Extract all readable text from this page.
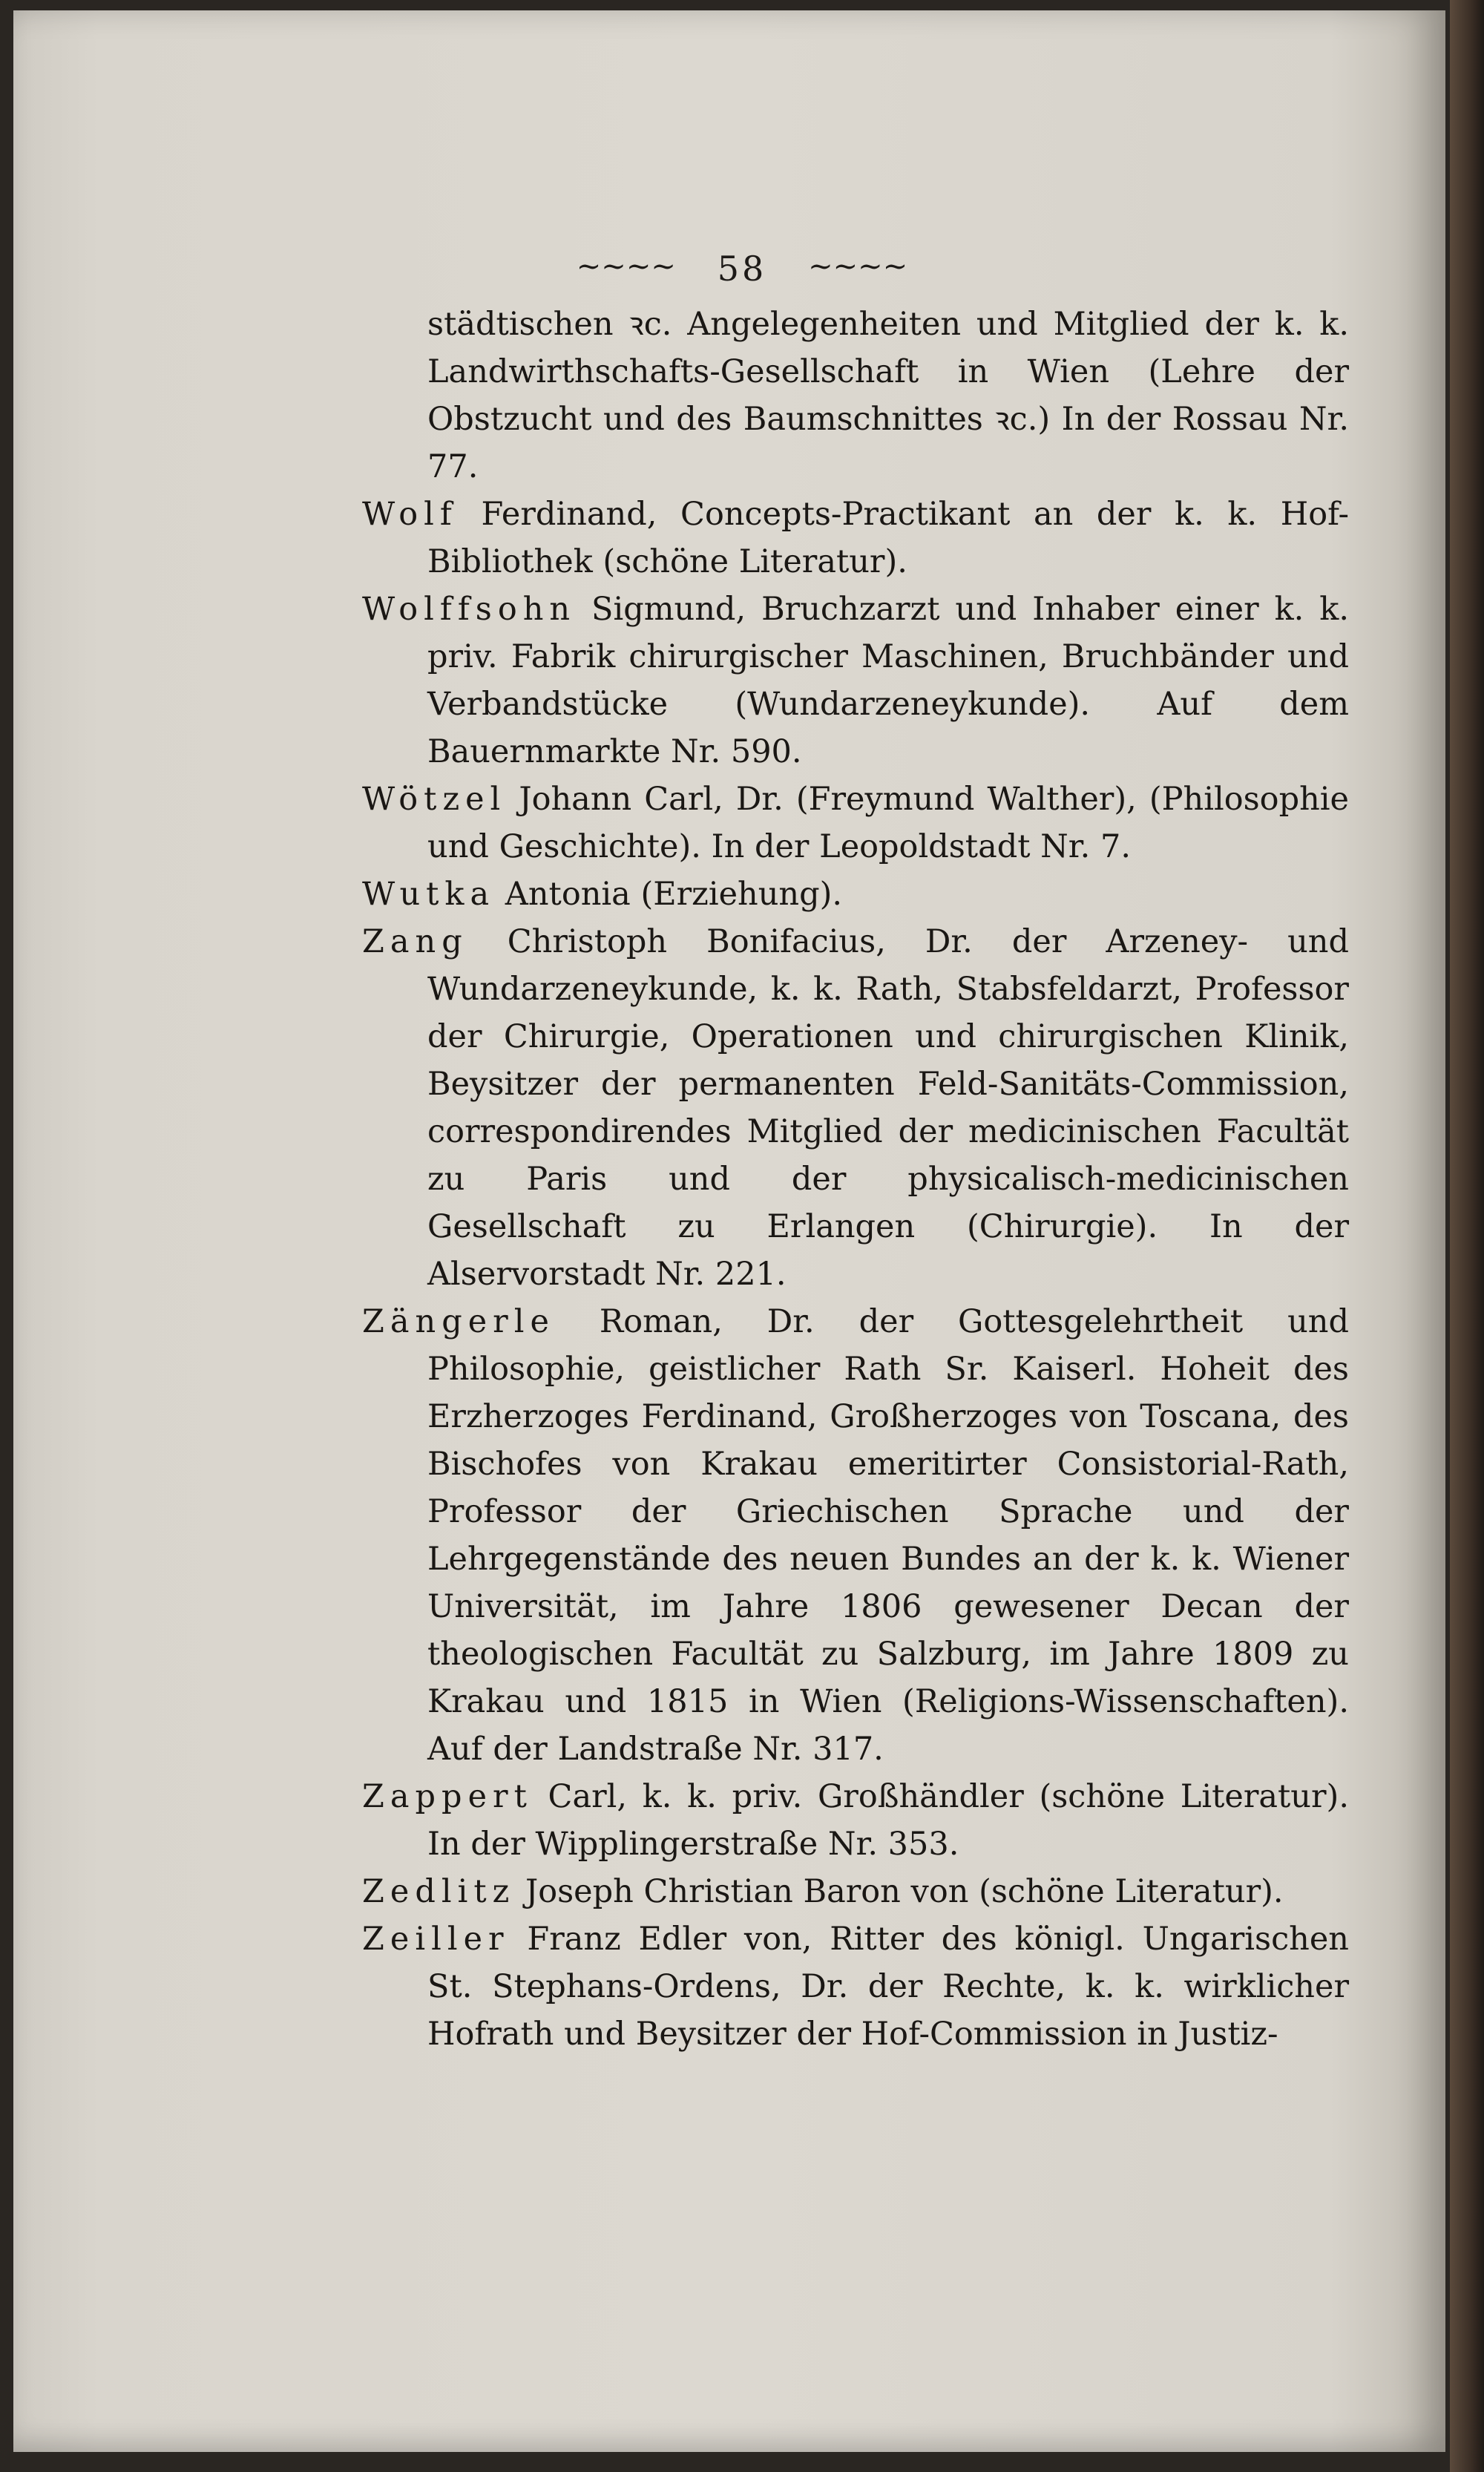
~~~~ 58 ~~~~

städtischen ꝛc. Angelegenheiten und Mitglied der k. k. Landwirthschafts-Gesellschaft in Wien (Lehre der Obstzucht und des Baumschnittes ꝛc.) In der Rossau Nr. 77.

Wolf Ferdinand, Concepts-Practikant an der k. k. Hof-Bibliothek (schöne Literatur).

Wolffsohn Sigmund, Bruchzarzt und Inhaber einer k. k. priv. Fabrik chirurgischer Maschinen, Bruchbänder und Verbandstücke (Wundarzeneykunde). Auf dem Bauernmarkte Nr. 590.

Wötzel Johann Carl, Dr. (Freymund Walther), (Philosophie und Geschichte). In der Leopoldstadt Nr. 7.

Wutka Antonia (Erziehung).

Zang Christoph Bonifacius, Dr. der Arzeney- und Wundarzeneykunde, k. k. Rath, Stabsfeldarzt, Professor der Chirurgie, Operationen und chirurgischen Klinik, Beysitzer der permanenten Feld-Sanitäts-Commission, correspondirendes Mitglied der medicinischen Facultät zu Paris und der physicalisch-medicinischen Gesellschaft zu Erlangen (Chirurgie). In der Alservorstadt Nr. 221.

Zängerle Roman, Dr. der Gottesgelehrtheit und Philosophie, geistlicher Rath Sr. Kaiserl. Hoheit des Erzherzoges Ferdinand, Großherzoges von Toscana, des Bischofes von Krakau emeritirter Consistorial-Rath, Professor der Griechischen Sprache und der Lehrgegenstände des neuen Bundes an der k. k. Wiener Universität, im Jahre 1806 gewesener Decan der theologischen Facultät zu Salzburg, im Jahre 1809 zu Krakau und 1815 in Wien (Religions-Wissenschaften). Auf der Landstraße Nr. 317.

Zappert Carl, k. k. priv. Großhändler (schöne Literatur). In der Wipplingerstraße Nr. 353.

Zedlitz Joseph Christian Baron von (schöne Literatur).

Zeiller Franz Edler von, Ritter des königl. Ungarischen St. Stephans-Ordens, Dr. der Rechte, k. k. wirklicher Hofrath und Beysitzer der Hof-Commission in Justiz-
